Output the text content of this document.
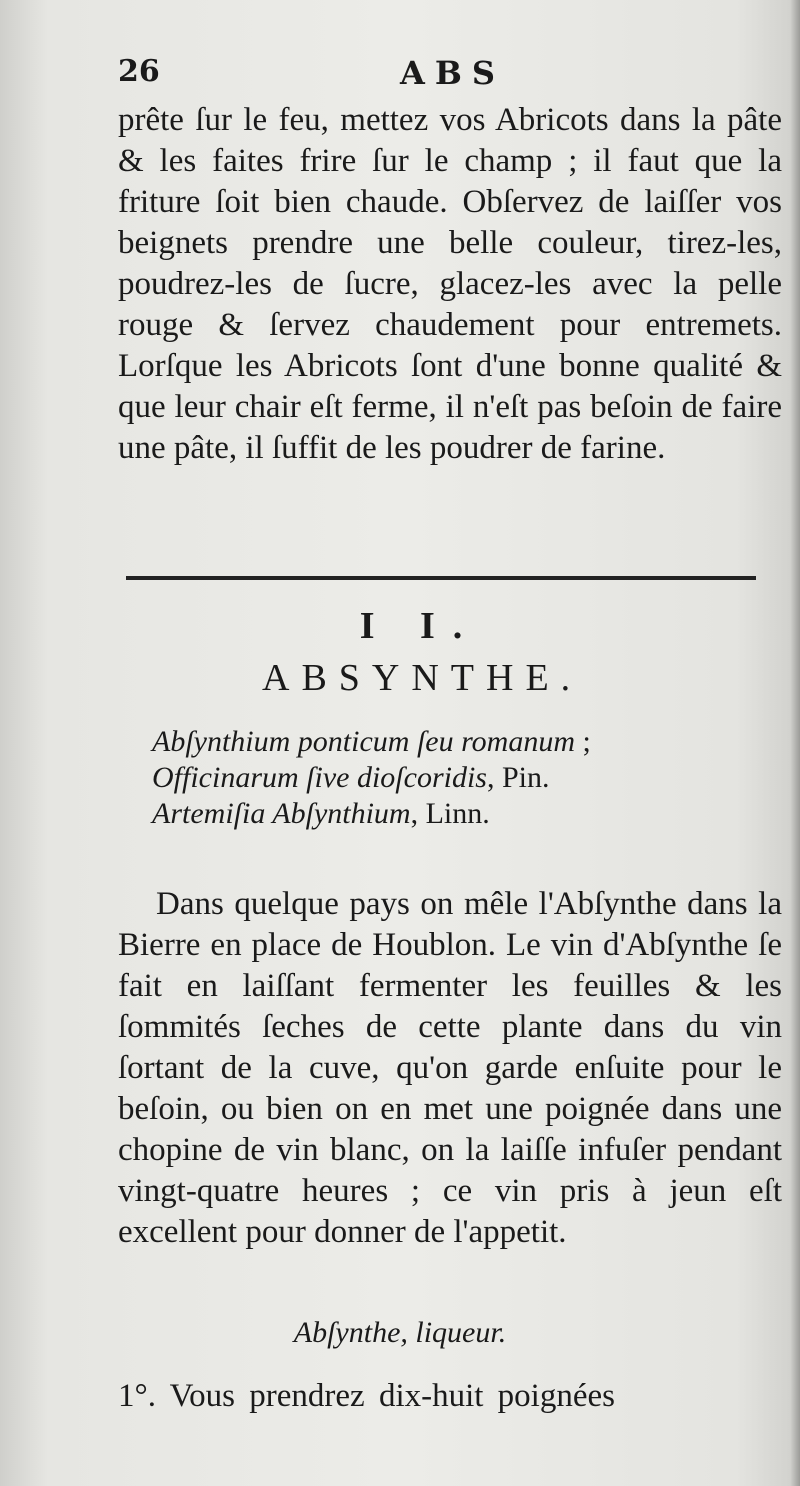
26	ABS

prête ſur le feu, mettez vos Abricots dans la pâte & les faites frire ſur le champ ; il faut que la friture ſoit bien chaude. Obſervez de laiſſer vos beignets prendre une belle couleur, tirez-les, poudrez-les de ſucre, glacez-les avec la pelle rouge & ſervez chaudement pour entremets. Lorſque les Abricots ſont d'une bonne qualité & que leur chair eſt ferme, il n'eſt pas beſoin de faire une pâte, il ſuffit de les poudrer de farine.

I I.
ABSYNTHE.
Abſynthium ponticum ſeu romanum ;
Officinarum ſive dioſcoridis, Pin.
Artemiſia Abſynthium, Linn.

Dans quelque pays on mêle l'Abſynthe dans la Bierre en place de Houblon. Le vin d'Abſynthe ſe fait en laiſſant fermenter les feuilles & les ſommités ſeches de cette plante dans du vin ſortant de la cuve, qu'on garde enſuite pour le beſoin, ou bien on en met une poignée dans une chopine de vin blanc, on la laiſſe infuſer pendant vingt-quatre heures ; ce vin pris à jeun eſt excellent pour donner de l'appetit.

Abſynthe, liqueur.

1°. Vous prendrez dix-huit poignées
